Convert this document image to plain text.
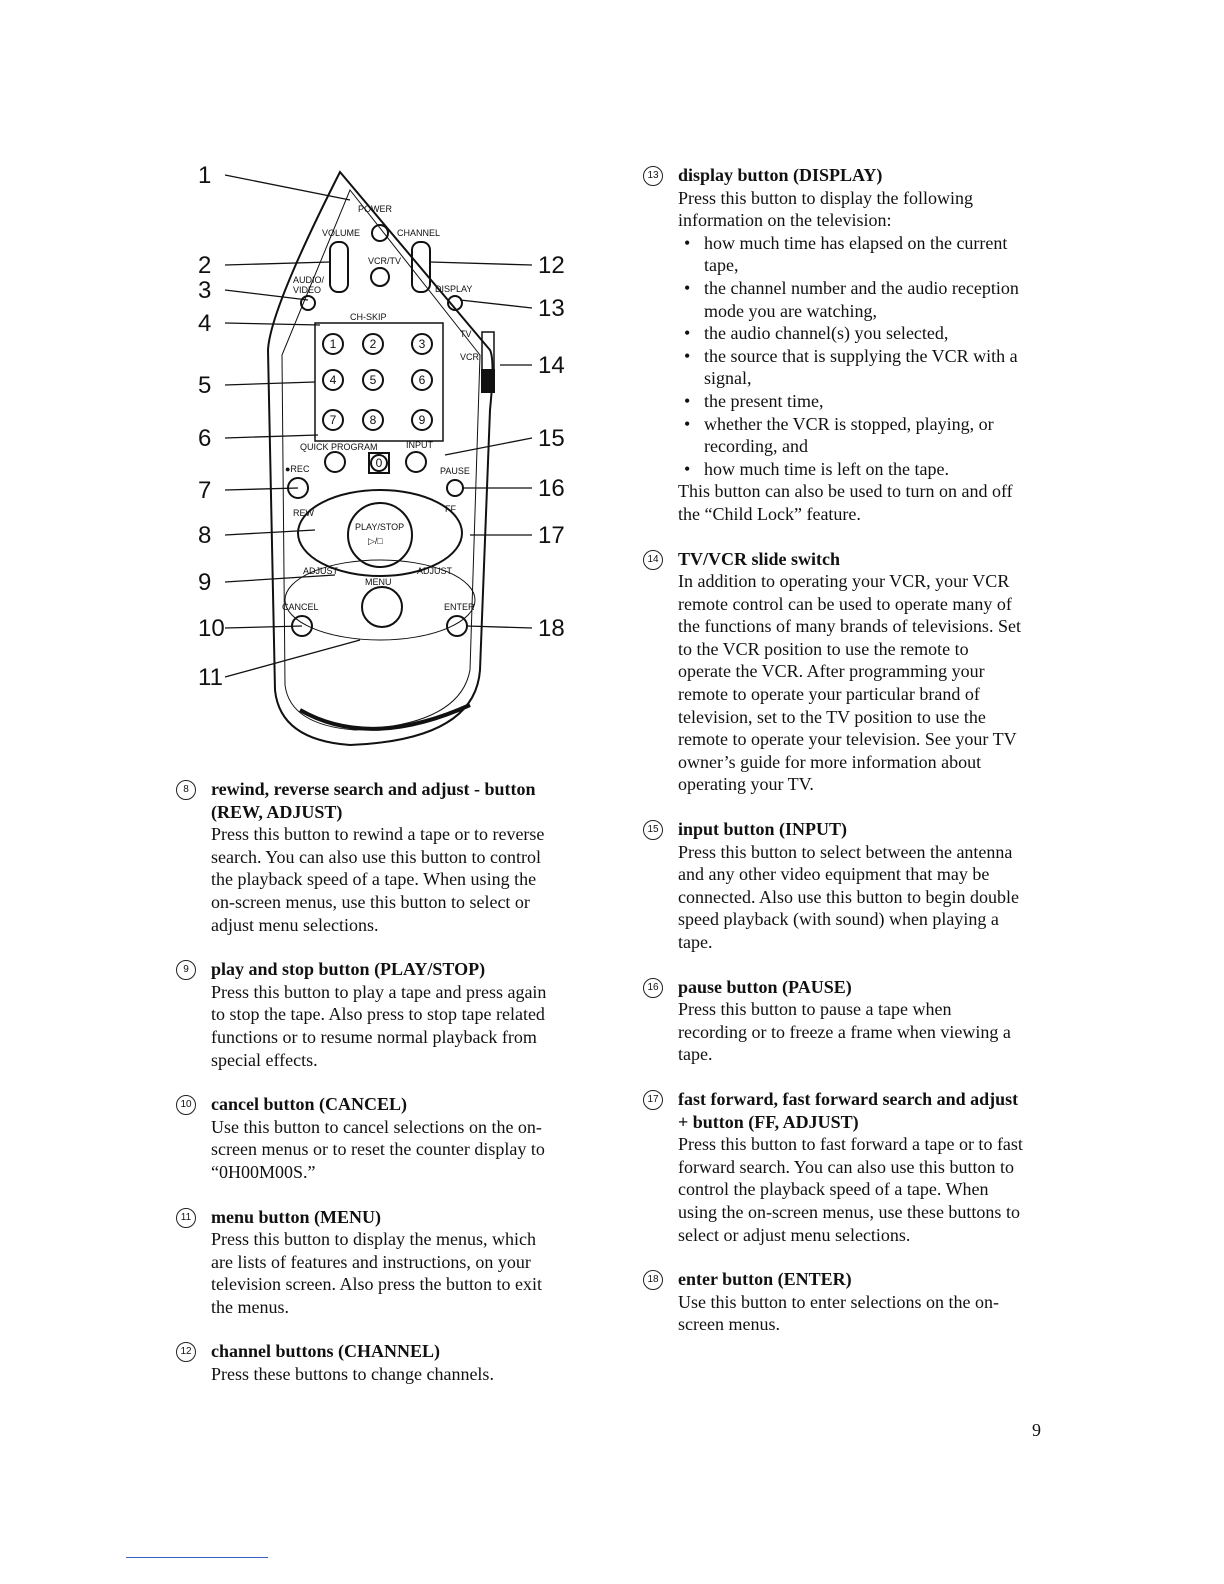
POWER
VOLUME	CHANNEL
VCR/TV
AUDIO/
VIDEO	DISPLAY
CH-SKIP
TV
VCR
1	2	3
4	5	6
7	8	9
0
QUICK PROGRAM	INPUT
●REC	PAUSE
REW	FF
PLAY/STOP
▷/□
ADJUST	ADJUST
MENU
CANCEL	ENTER
1
2
3
4
5
6
7
8
9
10
11
12
13
14
15
16
17
18
8	rewind, reverse search and adjust - button (REW, ADJUST)

Press this button to rewind a tape or to reverse search. You can also use this button to control the playback speed of a tape. When using the on-screen menus, use this button to select or adjust menu selections.

9	play and stop button (PLAY/STOP)

Press this button to play a tape and press again to stop the tape. Also press to stop tape related functions or to resume normal playback from special effects.

10 cancel button (CANCEL)

Use this button to cancel selections on the on-screen menus or to reset the counter display to “0H00M00S.”

11 menu button (MENU)

Press this button to display the menus, which are lists of features and instructions, on your television screen. Also press the button to exit the menus.

12 channel buttons (CHANNEL)

Press these buttons to change channels.

13 display button (DISPLAY)

Press this button to display the following information on the television:

• how much time has elapsed on the current tape,
• the channel number and the audio reception mode you are watching,
• the audio channel(s) you selected,
• the source that is supplying the VCR with a signal,
• the present time,
• whether the VCR is stopped, playing, or recording, and
• how much time is left on the tape.

This button can also be used to turn on and off the “Child Lock” feature.

14 TV/VCR slide switch

In addition to operating your VCR, your VCR remote control can be used to operate many of the functions of many brands of televisions. Set to the VCR position to use the remote to operate the VCR. After programming your remote to operate your particular brand of television, set to the TV position to use the remote to operate your television. See your TV owner’s guide for more information about operating your TV.

15 input button (INPUT)

Press this button to select between the antenna and any other video equipment that may be connected. Also use this button to begin double speed playback (with sound) when playing a tape.

16 pause button (PAUSE)

Press this button to pause a tape when recording or to freeze a frame when viewing a tape.

17 fast forward, fast forward search and adjust + button (FF, ADJUST)

Press this button to fast forward a tape or to fast forward search. You can also use this button to control the playback speed of a tape. When using the on-screen menus, use these buttons to select or adjust menu selections.

18 enter button (ENTER)

Use this button to enter selections on the on-screen menus.

9
